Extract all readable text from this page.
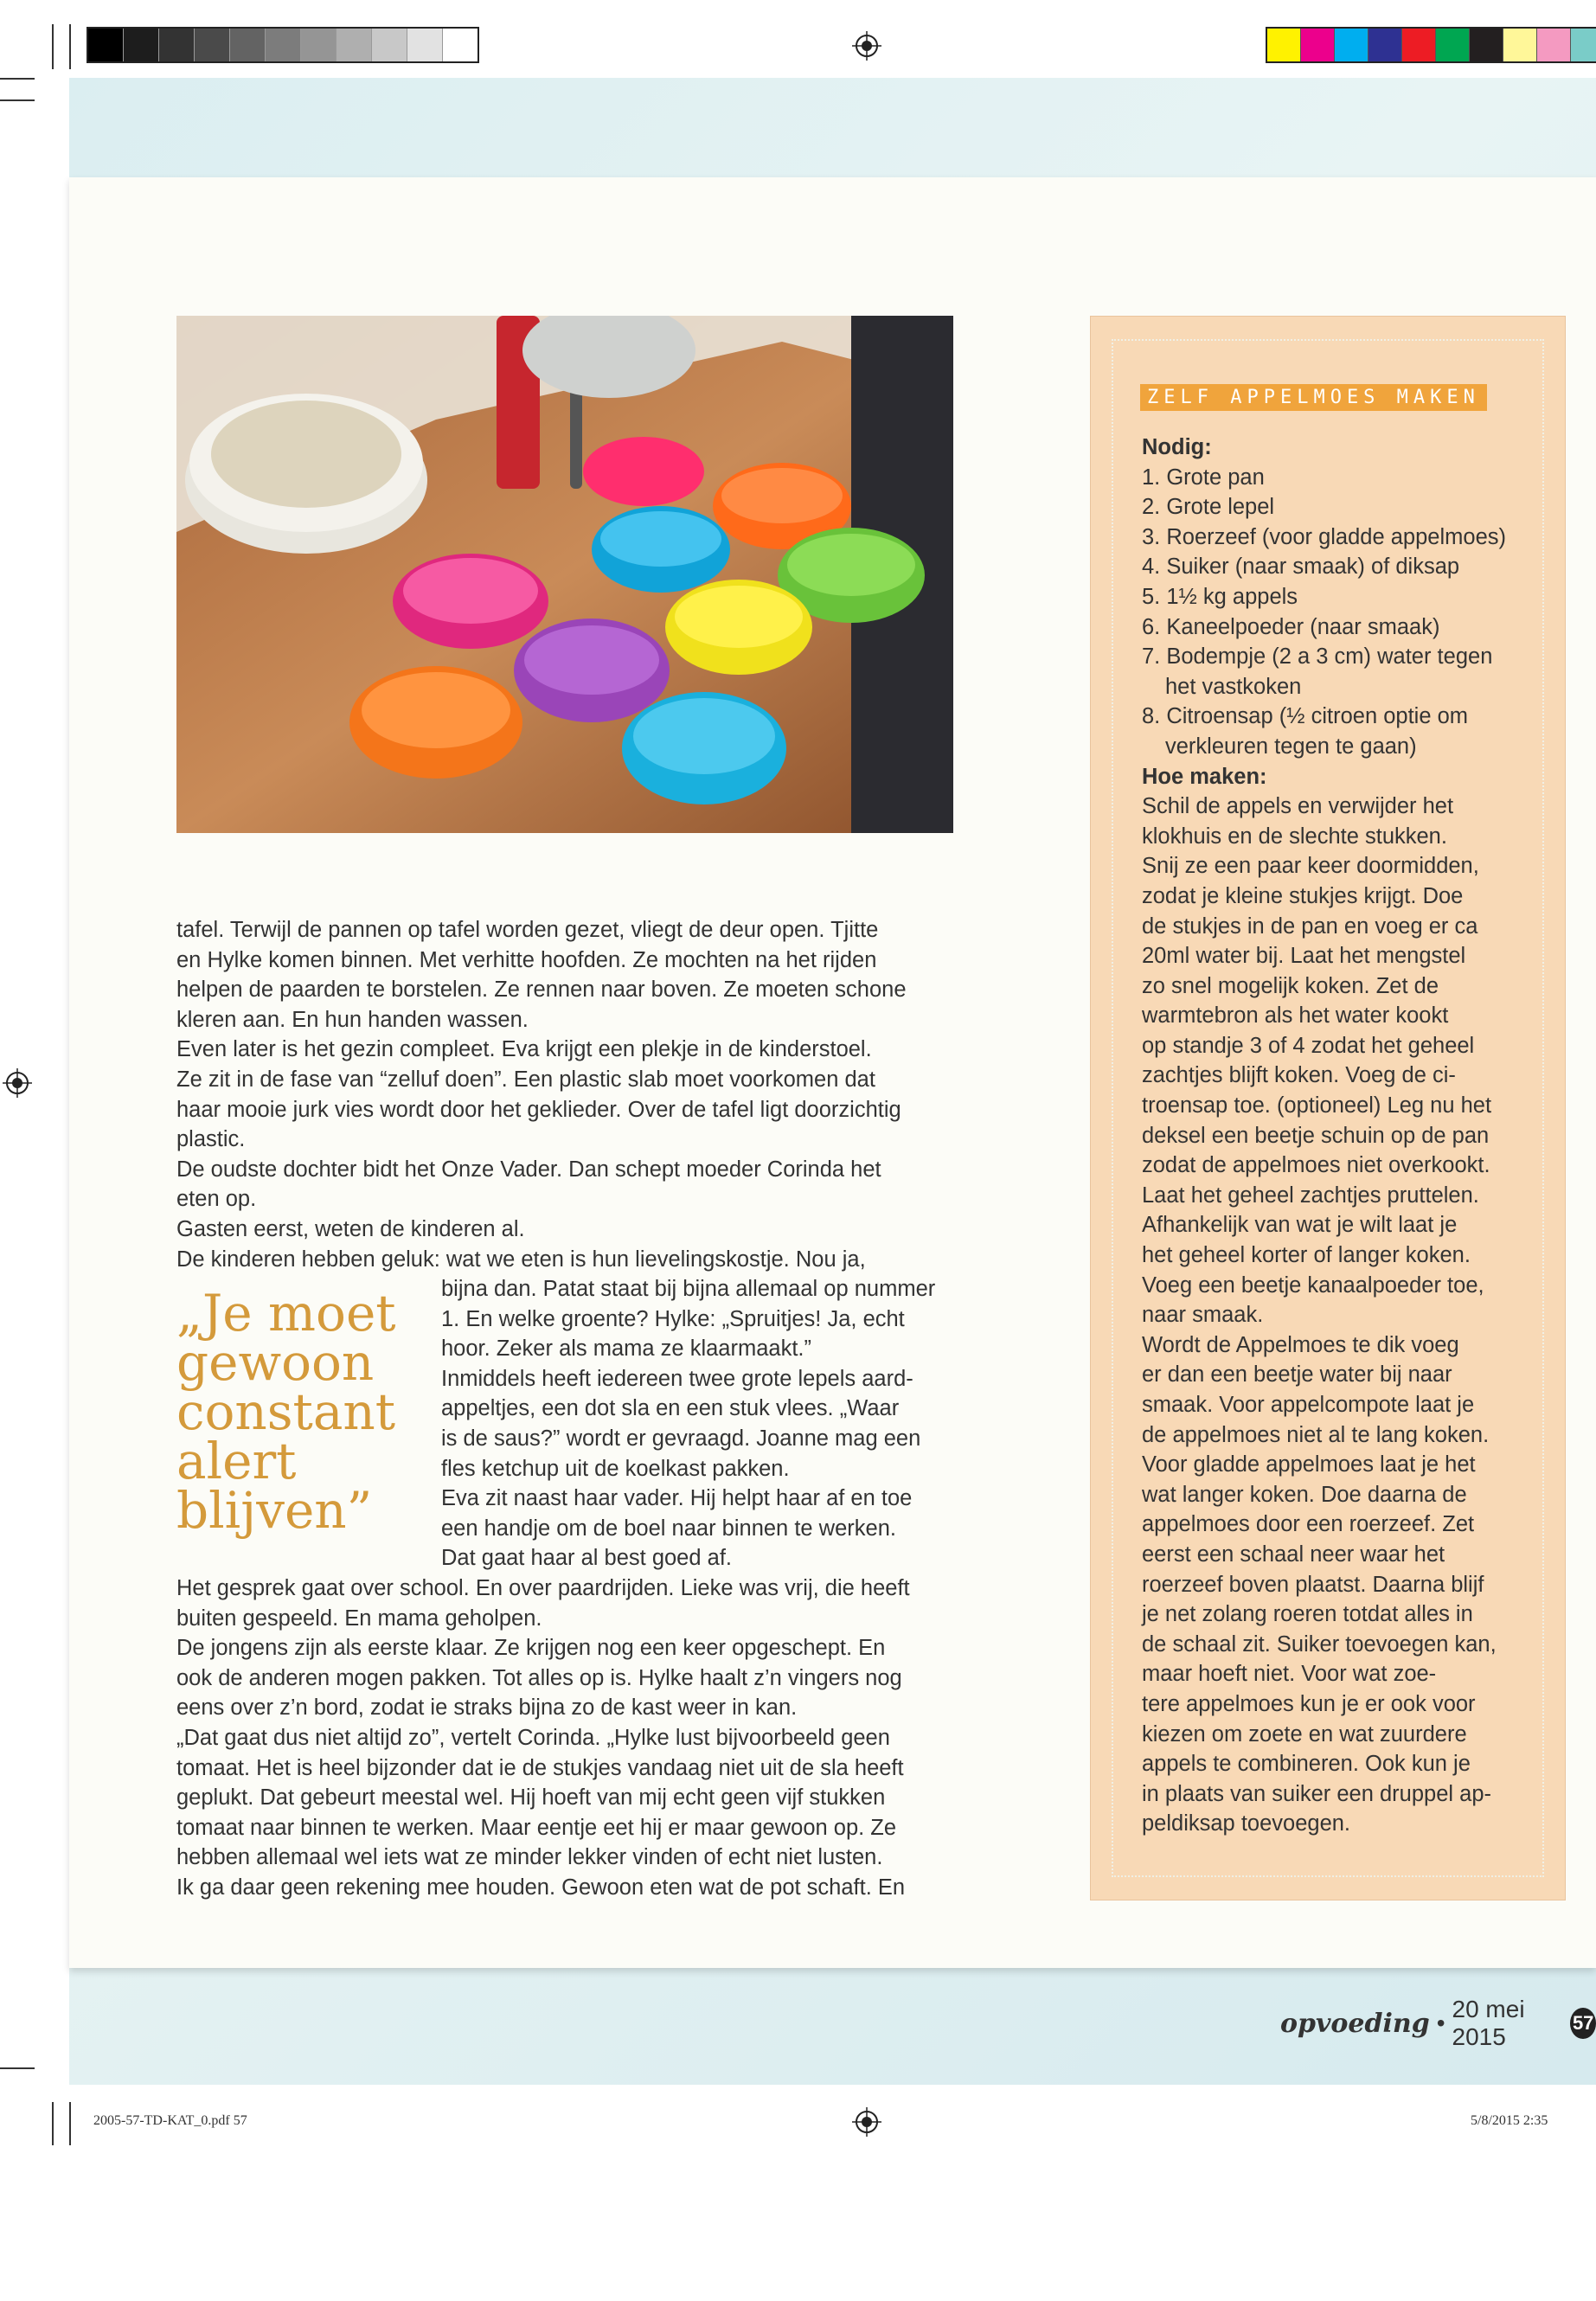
tafel. Terwijl de pannen op tafel worden gezet, vliegt de deur open. Tjitte
en Hylke komen binnen. Met verhitte hoofden. Ze mochten na het rijden
helpen de paarden te borstelen. Ze rennen naar boven. Ze moeten schone
kleren aan. En hun handen wassen.
Even later is het gezin compleet. Eva krijgt een plekje in de kinderstoel.
Ze zit in de fase van “zelluf doen”. Een plastic slab moet voorkomen dat
haar mooie jurk vies wordt door het geklieder. Over de tafel ligt doorzichtig
plastic.
De oudste dochter bidt het Onze Vader. Dan schept moeder Corinda het
eten op.
Gasten eerst, weten de kinderen al.
De kinderen hebben geluk: wat we eten is hun lievelingskostje. Nou ja,
„Je moet
gewoon
constant
alert
blijven”
bijna dan. Patat staat bij bijna allemaal op nummer
1. En welke groente? Hylke: „Spruitjes! Ja, echt
hoor. Zeker als mama ze klaarmaakt.”
Inmiddels heeft iedereen twee grote lepels aard-
appeltjes, een dot sla en een stuk vlees. „Waar
is de saus?” wordt er gevraagd. Joanne mag een
fles ketchup uit de koelkast pakken.
Eva zit naast haar vader. Hij helpt haar af en toe
een handje om de boel naar binnen te werken.
Dat gaat haar al best goed af.
Het gesprek gaat over school. En over paardrijden. Lieke was vrij, die heeft
buiten gespeeld. En mama geholpen.
De jongens zijn als eerste klaar. Ze krijgen nog een keer opgeschept. En
ook de anderen mogen pakken. Tot alles op is. Hylke haalt z’n vingers nog
eens over z’n bord, zodat ie straks bijna zo de kast weer in kan.
„Dat gaat dus niet altijd zo”, vertelt Corinda. „Hylke lust bijvoorbeeld geen
tomaat. Het is heel bijzonder dat ie de stukjes vandaag niet uit de sla heeft
geplukt. Dat gebeurt meestal wel. Hij hoeft van mij echt geen vijf stukken
tomaat naar binnen te werken. Maar eentje eet hij er maar gewoon op. Ze
hebben allemaal wel iets wat ze minder lekker vinden of echt niet lusten.
Ik ga daar geen rekening mee houden. Gewoon eten wat de pot schaft. En
ZELF APPELMOES MAKEN
Nodig:
1. Grote pan
2. Grote lepel
3. Roerzeef (voor gladde appelmoes)
4. Suiker (naar smaak) of diksap
5. 1½ kg appels
6. Kaneelpoeder (naar smaak)
7. Bodempje (2 a 3 cm) water tegen
het vastkoken
8. Citroensap (½ citroen optie om
verkleuren tegen te gaan)
Hoe maken:
Schil de appels en verwijder het
klokhuis en de slechte stukken.
Snij ze een paar keer doormidden,
zodat je kleine stukjes krijgt. Doe
de stukjes in de pan en voeg er ca
20ml water bij. Laat het mengstel
zo snel mogelijk koken. Zet de
warmtebron als het water kookt
op standje 3 of 4 zodat het geheel
zachtjes blijft koken. Voeg de ci-
troensap toe. (optioneel) Leg nu het
deksel een beetje schuin op de pan
zodat de appelmoes niet overkookt.
Laat het geheel zachtjes pruttelen.
Afhankelijk van wat je wilt laat je
het geheel korter of langer koken.
Voeg een beetje kanaalpoeder toe,
naar smaak.
Wordt de Appelmoes te dik voeg
er dan een beetje water bij naar
smaak. Voor appelcompote laat je
de appelmoes niet al te lang koken.
Voor gladde appelmoes laat je het
wat langer koken. Doe daarna de
appelmoes door een roerzeef. Zet
eerst een schaal neer waar het
roerzeef boven plaatst. Daarna blijf
je net zolang roeren totdat alles in
de schaal zit. Suiker toevoegen kan,
maar hoeft niet. Voor wat zoe-
tere appelmoes kun je er ook voor
kiezen om zoete en wat zuurdere
appels te combineren. Ook kun je
in plaats van suiker een druppel ap-
peldiksap toevoegen.
opvoeding •
20 mei 2015
57
2005-57-TD-KAT_0.pdf 57	5/8/2015 2:35
